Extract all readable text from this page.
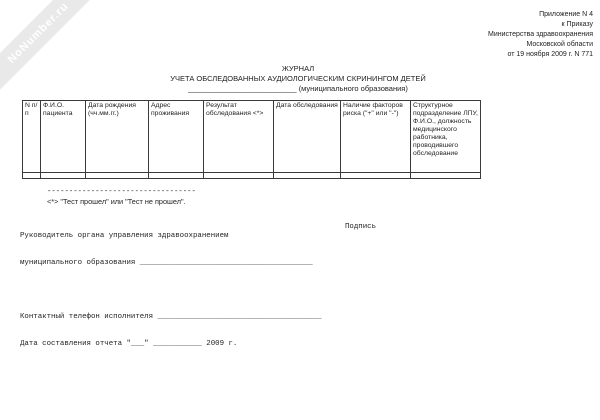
NoNumber.ru	Приложение N 4
к Приказу
Министерства здравоохранения
Московской области
от 19 ноября 2009 г. N 771
ЖУРНАЛ
УЧЕТА ОБСЛЕДОВАННЫХ АУДИОЛОГИЧЕСКИМ СКРИНИНГОМ ДЕТЕЙ
__________________________ (муниципального образования)
N п/п	Ф.И.О. пациента	Дата рождения (чч.мм.гг.)	Адрес проживания	Результат обследования <*>	Дата обследования	Наличие факторов риска ("+" или "-")	Структурное подразделение ЛПУ, Ф.И.О., должность медицинского работника, проводившего обследование

----------------------------------
<*> "Тест прошел" или "Тест не прошел".

Руководитель органа управления здравоохранением

муниципального образования _______________________________________

Контактный телефон исполнителя _____________________________________

Дата составления отчета "___" ___________ 2009 г.

Подпись
